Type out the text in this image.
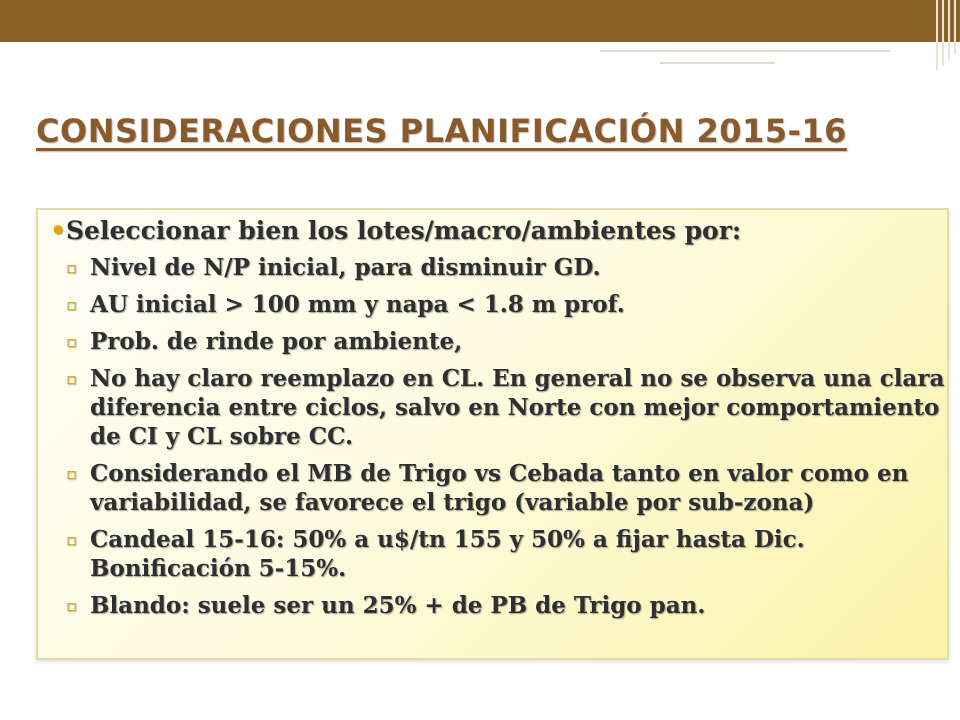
CONSIDERACIONES PLANIFICACIÓN 2015-16
• Seleccionar bien los lotes/macro/ambientes por:
▫ Nivel de N/P inicial, para disminuir GD.
▫ AU inicial > 100 mm y napa < 1.8 m prof.
▫ Prob. de rinde por ambiente,
▫ No hay claro reemplazo en CL. En general no se observa una clara diferencia entre ciclos, salvo en Norte con mejor comportamiento de CI y CL sobre CC.
▫ Considerando el MB de Trigo vs Cebada tanto en valor como en variabilidad, se favorece el trigo (variable por sub-zona)
▫ Candeal 15-16: 50% a u$/tn 155 y 50% a fijar hasta Dic. Bonificación 5-15%.
▫ Blando: suele ser un 25% + de PB de Trigo pan.
